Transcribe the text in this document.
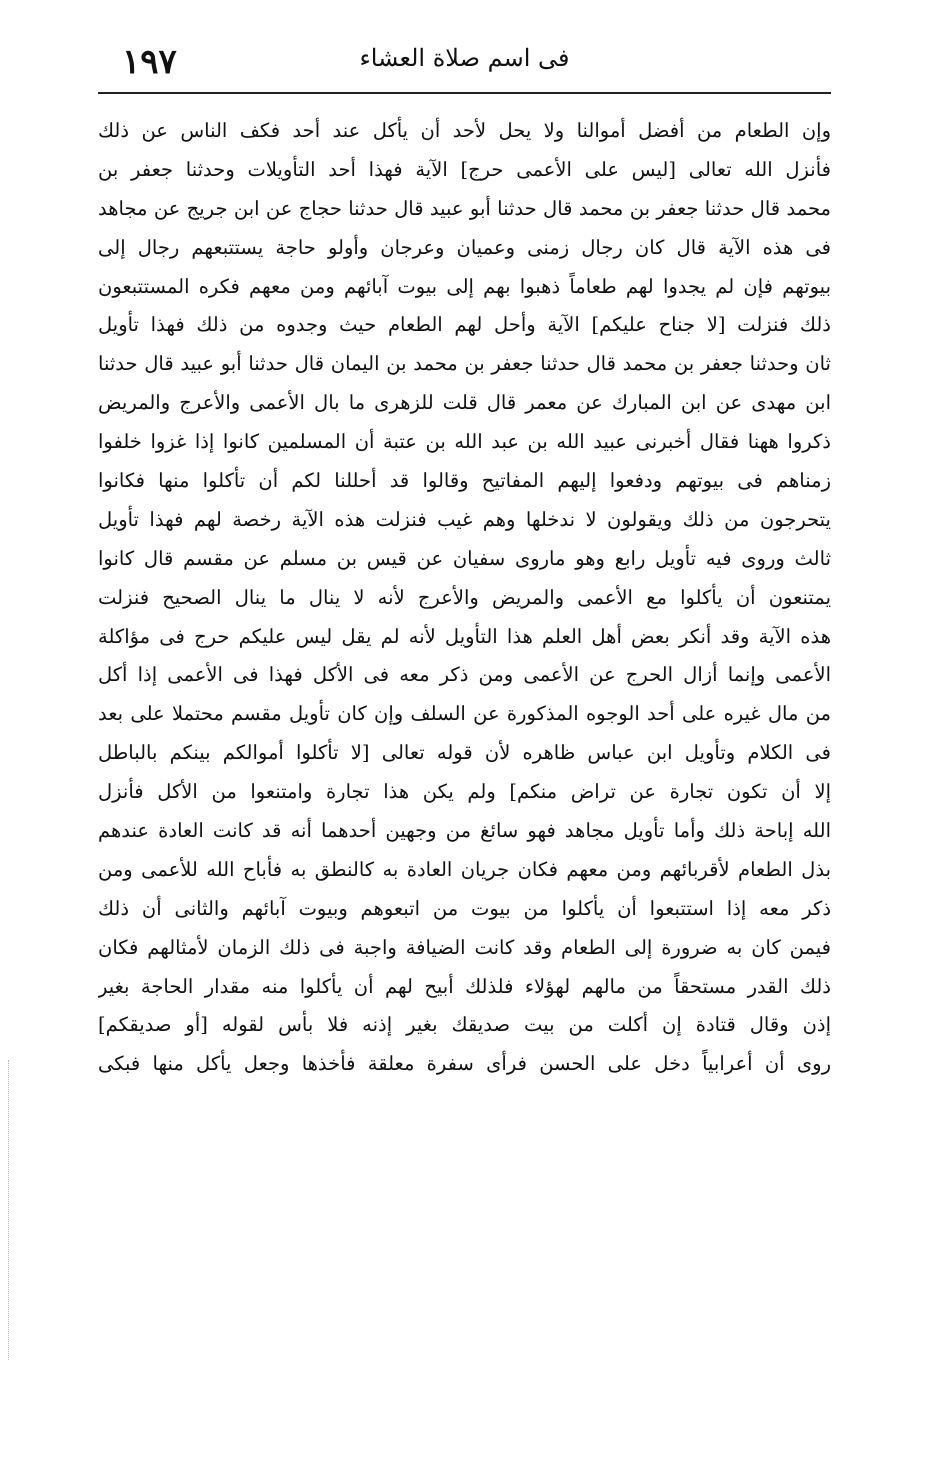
١٩٧	فى اسم صلاة العشاء
وإن الطعام من أفضل أموالنا ولا يحل لأحد أن يأكل عند أحد فكف الناس عن ذلك
فأنزل الله تعالى [ليس على الأعمى حرج] الآية فهذا أحد التأويلات وحدثنا جعفر بن
محمد قال حدثنا جعفر بن محمد قال حدثنا أبو عبيد قال حدثنا حجاج عن ابن جريج عن مجاهد
فى هذه الآية قال كان رجال زمنى وعميان وعرجان وأولو حاجة يستتبعهم رجال إلى
بيوتهم فإن لم يجدوا لهم طعاماً ذهبوا بهم إلى بيوت آبائهم ومن معهم فكره المستتبعون
ذلك فنزلت [لا جناح عليكم] الآية وأحل لهم الطعام حيث وجدوه من ذلك فهذا تأويل
ثان وحدثنا جعفر بن محمد قال حدثنا جعفر بن محمد بن اليمان قال حدثنا أبو عبيد قال حدثنا
ابن مهدى عن ابن المبارك عن معمر قال قلت للزهرى ما بال الأعمى والأعرج والمريض
ذكروا ههنا فقال أخبرنى عبيد الله بن عبد الله بن عتبة أن المسلمين كانوا إذا غزوا خلفوا
زمناهم فى بيوتهم ودفعوا إليهم المفاتيح وقالوا قد أحللنا لكم أن تأكلوا منها فكانوا
يتحرجون من ذلك ويقولون لا ندخلها وهم غيب فنزلت هذه الآية رخصة لهم فهذا تأويل
ثالث وروى فيه تأويل رابع وهو ماروى سفيان عن قيس بن مسلم عن مقسم قال كانوا
يمتنعون أن يأكلوا مع الأعمى والمريض والأعرج لأنه لا ينال ما ينال الصحيح فنزلت
هذه الآية وقد أنكر بعض أهل العلم هذا التأويل لأنه لم يقل ليس عليكم حرج فى مؤاكلة
الأعمى وإنما أزال الحرج عن الأعمى ومن ذكر معه فى الأكل فهذا فى الأعمى إذا أكل
من مال غيره على أحد الوجوه المذكورة عن السلف وإن كان تأويل مقسم محتملا على بعد
فى الكلام وتأويل ابن عباس ظاهره لأن قوله تعالى [لا تأكلوا أموالكم بينكم بالباطل
إلا أن تكون تجارة عن تراض منكم] ولم يكن هذا تجارة وامتنعوا من الأكل فأنزل
الله إباحة ذلك وأما تأويل مجاهد فهو سائغ من وجهين أحدهما أنه قد كانت العادة عندهم
بذل الطعام لأقربائهم ومن معهم فكان جريان العادة به كالنطق به فأباح الله للأعمى ومن
ذكر معه إذا استتبعوا أن يأكلوا من بيوت من اتبعوهم وبيوت آبائهم والثانى أن ذلك
فيمن كان به ضرورة إلى الطعام وقد كانت الضيافة واجبة فى ذلك الزمان لأمثالهم فكان
ذلك القدر مستحقاً من مالهم لهؤلاء فلذلك أبيح لهم أن يأكلوا منه مقدار الحاجة بغير
إذن وقال قتادة إن أكلت من بيت صديقك بغير إذنه فلا بأس لقوله [أو صديقكم]
روى أن أعرابياً دخل على الحسن فرأى سفرة معلقة فأخذها وجعل يأكل منها فبكى
